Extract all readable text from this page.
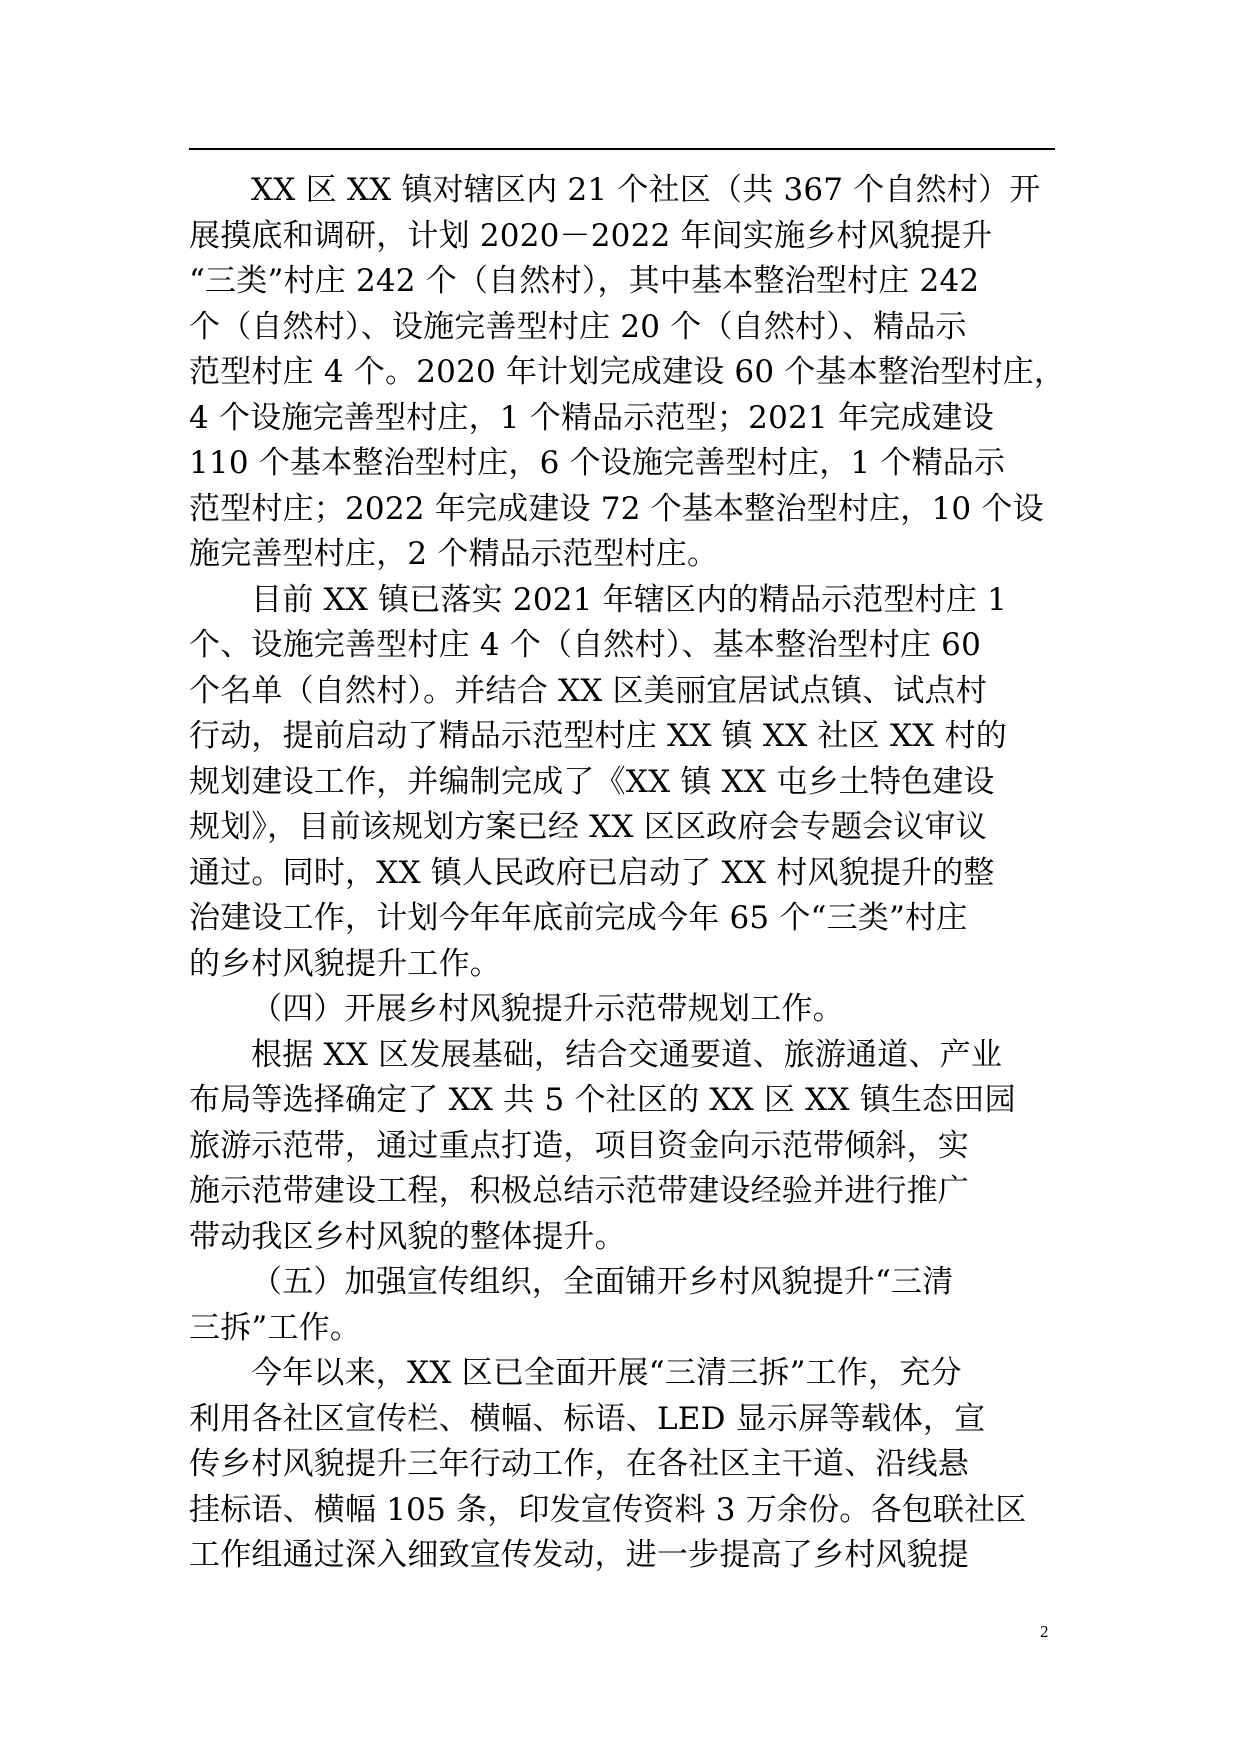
XX 区 XX 镇对辖区内 21 个社区（共 367 个自然村）开
展摸底和调研，计划 2020－2022 年间实施乡村风貌提升
“三类”村庄 242 个（自然村），其中基本整治型村庄 242
个（自然村）、设施完善型村庄 20 个（自然村）、精品示
范型村庄 4 个。2020 年计划完成建设 60 个基本整治型村庄，
4 个设施完善型村庄，1 个精品示范型；2021 年完成建设
110 个基本整治型村庄，6 个设施完善型村庄，1 个精品示
范型村庄；2022 年完成建设 72 个基本整治型村庄，10 个设
施完善型村庄，2 个精品示范型村庄。
目前 XX 镇已落实 2021 年辖区内的精品示范型村庄 1
个、设施完善型村庄 4 个（自然村）、基本整治型村庄 60
个名单（自然村）。并结合 XX 区美丽宜居试点镇、试点村
行动，提前启动了精品示范型村庄 XX 镇 XX 社区 XX 村的
规划建设工作，并编制完成了《XX 镇 XX 屯乡土特色建设
规划》，目前该规划方案已经 XX 区区政府会专题会议审议
通过。同时，XX 镇人民政府已启动了 XX 村风貌提升的整
治建设工作，计划今年年底前完成今年 65 个“三类”村庄
的乡村风貌提升工作。
（四）开展乡村风貌提升示范带规划工作。
根据 XX 区发展基础，结合交通要道、旅游通道、产业
布局等选择确定了 XX 共 5 个社区的 XX 区 XX 镇生态田园
旅游示范带，通过重点打造，项目资金向示范带倾斜，实
施示范带建设工程，积极总结示范带建设经验并进行推广
带动我区乡村风貌的整体提升。
（五）加强宣传组织，全面铺开乡村风貌提升“三清
三拆”工作。
今年以来，XX 区已全面开展“三清三拆”工作，充分
利用各社区宣传栏、横幅、标语、LED 显示屏等载体，宣
传乡村风貌提升三年行动工作，在各社区主干道、沿线悬
挂标语、横幅 105 条，印发宣传资料 3 万余份。各包联社区
工作组通过深入细致宣传发动，进一步提高了乡村风貌提
2
